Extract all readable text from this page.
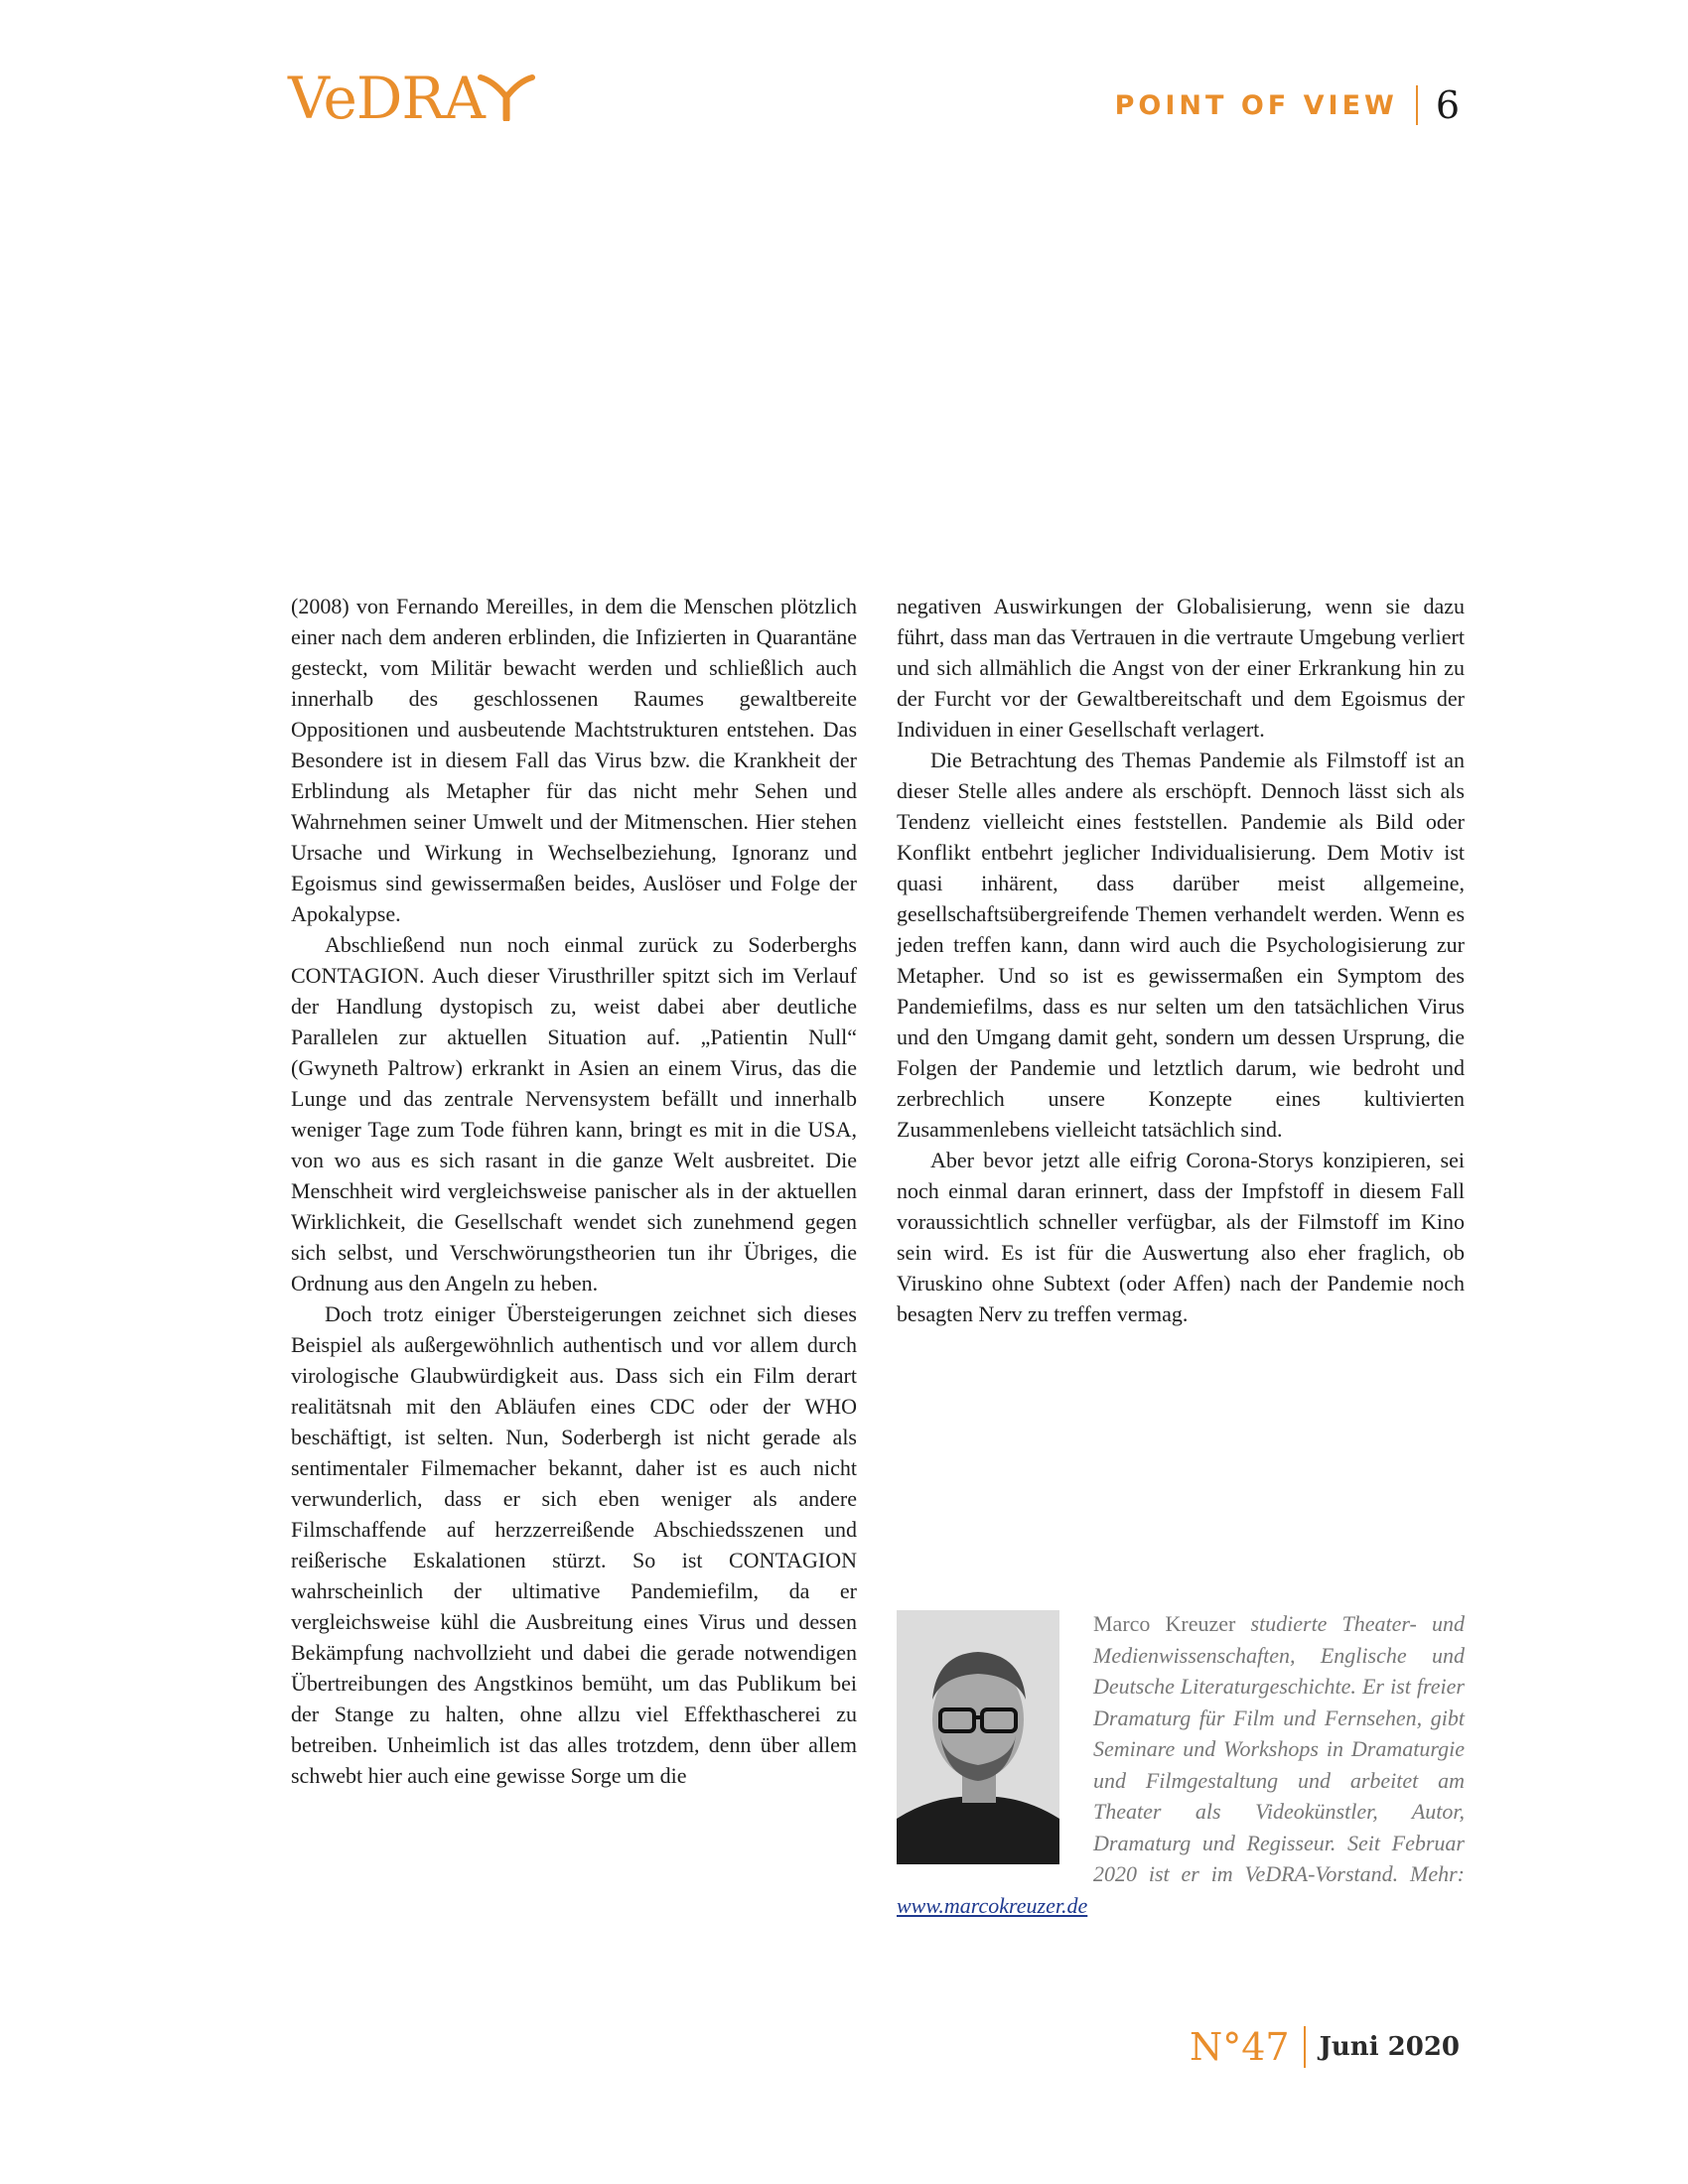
VeDRA	POINT OF VIEW 6

(2008) von Fernando Mereilles, in dem die Menschen plötzlich einer nach dem anderen erblinden, die Infizierten in Quarantäne gesteckt, vom Militär bewacht werden und schließlich auch innerhalb des geschlossenen Raumes gewaltbereite Oppositionen und ausbeutende Machtstrukturen entstehen. Das Besondere ist in diesem Fall das Virus bzw. die Krankheit der Erblindung als Metapher für das nicht mehr Sehen und Wahrnehmen seiner Umwelt und der Mitmenschen. Hier stehen Ursache und Wirkung in Wechselbeziehung, Ignoranz und Egoismus sind gewissermaßen beides, Auslöser und Folge der Apokalypse.

Abschließend nun noch einmal zurück zu Soderberghs CONTAGION. Auch dieser Virusthriller spitzt sich im Verlauf der Handlung dystopisch zu, weist dabei aber deutliche Parallelen zur aktuellen Situation auf. „Patientin Null“ (Gwyneth Paltrow) erkrankt in Asien an einem Virus, das die Lunge und das zentrale Nervensystem befällt und innerhalb weniger Tage zum Tode führen kann, bringt es mit in die USA, von wo aus es sich rasant in die ganze Welt ausbreitet. Die Menschheit wird vergleichsweise panischer als in der aktuellen Wirklichkeit, die Gesellschaft wendet sich zunehmend gegen sich selbst, und Verschwörungstheorien tun ihr Übriges, die Ordnung aus den Angeln zu heben.

Doch trotz einiger Übersteigerungen zeichnet sich dieses Beispiel als außergewöhnlich authentisch und vor allem durch virologische Glaubwürdigkeit aus. Dass sich ein Film derart realitätsnah mit den Abläufen eines CDC oder der WHO beschäftigt, ist selten. Nun, Soderbergh ist nicht gerade als sentimentaler Filmemacher bekannt, daher ist es auch nicht verwunderlich, dass er sich eben weniger als andere Filmschaffende auf herzzerreißende Abschiedsszenen und reißerische Eskalationen stürzt. So ist CONTAGION wahrscheinlich der ultimative Pandemiefilm, da er vergleichsweise kühl die Ausbreitung eines Virus und dessen Bekämpfung nachvollzieht und dabei die gerade notwendigen Übertreibungen des Angstkinos bemüht, um das Publikum bei der Stange zu halten, ohne allzu viel Effekthascherei zu betreiben. Unheimlich ist das alles trotzdem, denn über allem schwebt hier auch eine gewisse Sorge um die

negativen Auswirkungen der Globalisierung, wenn sie dazu führt, dass man das Vertrauen in die vertraute Umgebung verliert und sich allmählich die Angst von der einer Erkrankung hin zu der Furcht vor der Gewaltbereitschaft und dem Egoismus der Individuen in einer Gesellschaft verlagert.

Die Betrachtung des Themas Pandemie als Filmstoff ist an dieser Stelle alles andere als erschöpft. Dennoch lässt sich als Tendenz vielleicht eines feststellen. Pandemie als Bild oder Konflikt entbehrt jeglicher Individualisierung. Dem Motiv ist quasi inhärent, dass darüber meist allgemeine, gesellschaftsübergreifende Themen verhandelt werden. Wenn es jeden treffen kann, dann wird auch die Psychologisierung zur Metapher. Und so ist es gewissermaßen ein Symptom des Pandemiefilms, dass es nur selten um den tatsächlichen Virus und den Umgang damit geht, sondern um dessen Ursprung, die Folgen der Pandemie und letztlich darum, wie bedroht und zerbrechlich unsere Konzepte eines kultivierten Zusammenlebens vielleicht tatsächlich sind.

Aber bevor jetzt alle eifrig Corona-Storys konzipieren, sei noch einmal daran erinnert, dass der Impfstoff in diesem Fall voraussichtlich schneller verfügbar, als der Filmstoff im Kino sein wird. Es ist für die Auswertung also eher fraglich, ob Viruskino ohne Subtext (oder Affen) nach der Pandemie noch besagten Nerv zu treffen vermag.

Marco Kreuzer studierte Theater- und Medienwissenschaften, Englische und Deutsche Literaturgeschichte. Er ist freier Dramaturg für Film und Fernsehen, gibt Seminare und Workshops in Dramaturgie und Filmgestaltung und arbeitet am Theater als Videokünstler, Autor, Dramaturg und Regisseur. Seit Februar 2020 ist er im VeDRA-Vorstand. Mehr: www.marcokreuzer.de
N°47 Juni 2020
